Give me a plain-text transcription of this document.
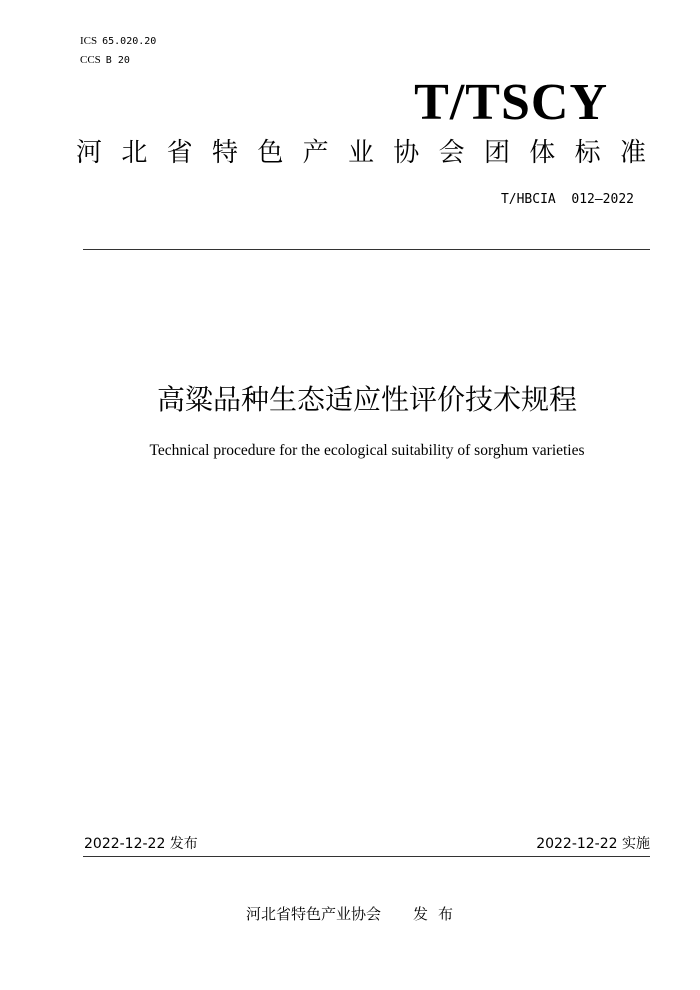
ICS 65.020.20
CCS B 20
T/TSCY
河 北 省 特 色 产 业 协 会 团 体 标 准
T/HBCIA  012—2022
高粱品种生态适应性评价技术规程
Technical procedure for the ecological suitability of sorghum varieties
2022-12-22 发布	2022-12-22 实施
河北省特色产业协会 发布
